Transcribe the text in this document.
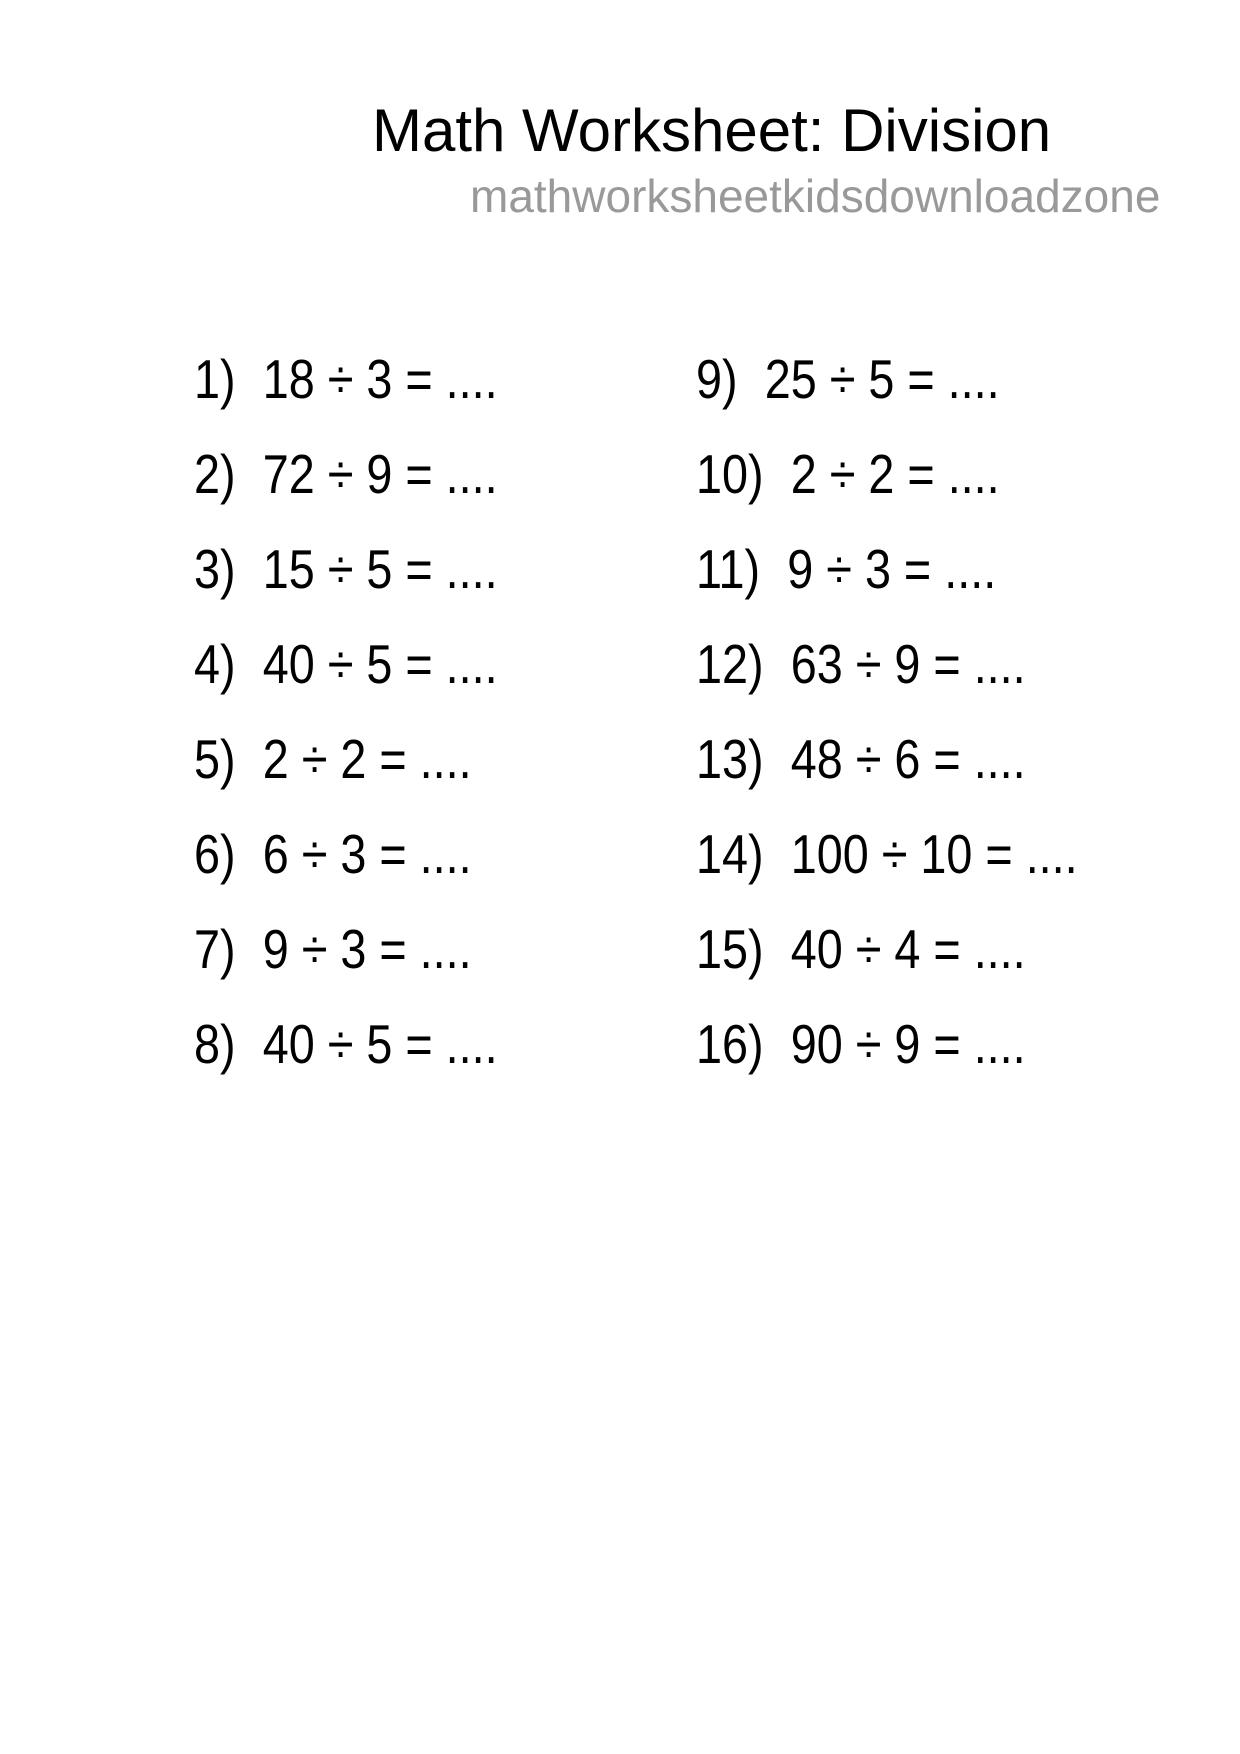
Math Worksheet: Division
mathworksheetkidsdownloadzone
1) 18 ÷ 3 = ....
2) 72 ÷ 9 = ....
3) 15 ÷ 5 = ....
4) 40 ÷ 5 = ....
5) 2 ÷ 2 = ....
6) 6 ÷ 3 = ....
7) 9 ÷ 3 = ....
8) 40 ÷ 5 = ....
9) 25 ÷ 5 = ....
10) 2 ÷ 2 = ....
11) 9 ÷ 3 = ....
12) 63 ÷ 9 = ....
13) 48 ÷ 6 = ....
14) 100 ÷ 10 = ....
15) 40 ÷ 4 = ....
16) 90 ÷ 9 = ....
